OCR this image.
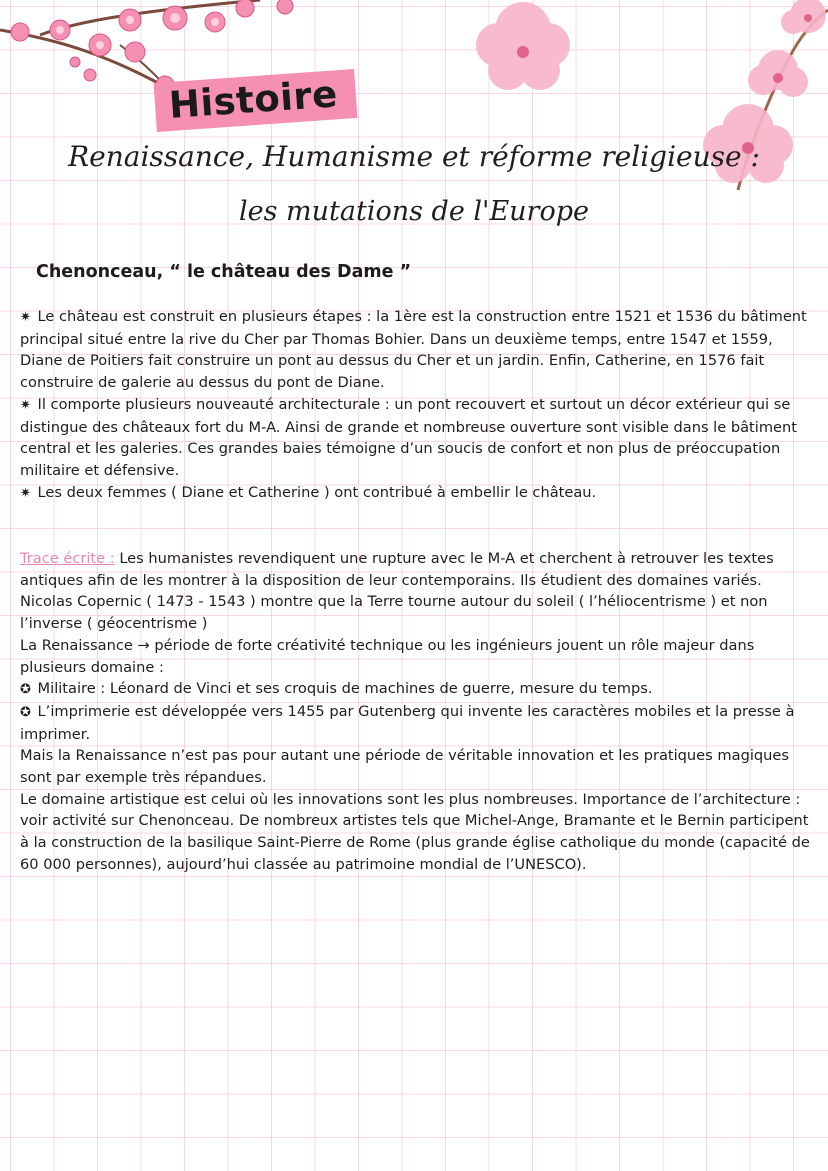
Histoire
Renaissance, Humanisme et réforme religieuse :
les mutations de l'Europe
Chenonceau, “ le château des Dame ”

✷ Le château est construit en plusieurs étapes : la 1ère est la construction entre 1521 et 1536 du bâtiment principal situé entre la rive du Cher par Thomas Bohier. Dans un deuxième temps, entre 1547 et 1559, Diane de Poitiers fait construire un pont au dessus du Cher et un jardin. Enfin, Catherine, en 1576 fait construire de galerie au dessus du pont de Diane.

✷ Il comporte plusieurs nouveauté architecturale : un pont recouvert et surtout un décor extérieur qui se distingue des châteaux fort du M-A. Ainsi de grande et nombreuse ouverture sont visible dans le bâtiment central et les galeries. Ces grandes baies témoigne d’un soucis de confort et non plus de préoccupation militaire et défensive.

✷ Les deux femmes ( Diane et Catherine ) ont contribué à embellir le château.

Trace écrite : Les humanistes revendiquent une rupture avec le M-A et cherchent à retrouver les textes antiques afin de les montrer à la disposition de leur contemporains. Ils étudient des domaines variés.

Nicolas Copernic ( 1473 - 1543 ) montre que la Terre tourne autour du soleil ( l’héliocentrisme ) et non l’inverse ( géocentrisme )

La Renaissance → période de forte créativité technique ou les ingénieurs jouent un rôle majeur dans plusieurs domaine :

✪ Militaire : Léonard de Vinci et ses croquis de machines de guerre, mesure du temps.

✪ L’imprimerie est développée vers 1455 par Gutenberg qui invente les caractères mobiles et la presse à imprimer.

Mais la Renaissance n’est pas pour autant une période de véritable innovation et les pratiques magiques sont par exemple très répandues.

Le domaine artistique est celui où les innovations sont les plus nombreuses. Importance de l’architecture : voir activité sur Chenonceau. De nombreux artistes tels que Michel-Ange, Bramante et le Bernin participent à la construction de la basilique Saint-Pierre de Rome (plus grande église catholique du monde (capacité de 60 000 personnes), aujourd’hui classée au patrimoine mondial de l’UNESCO).
